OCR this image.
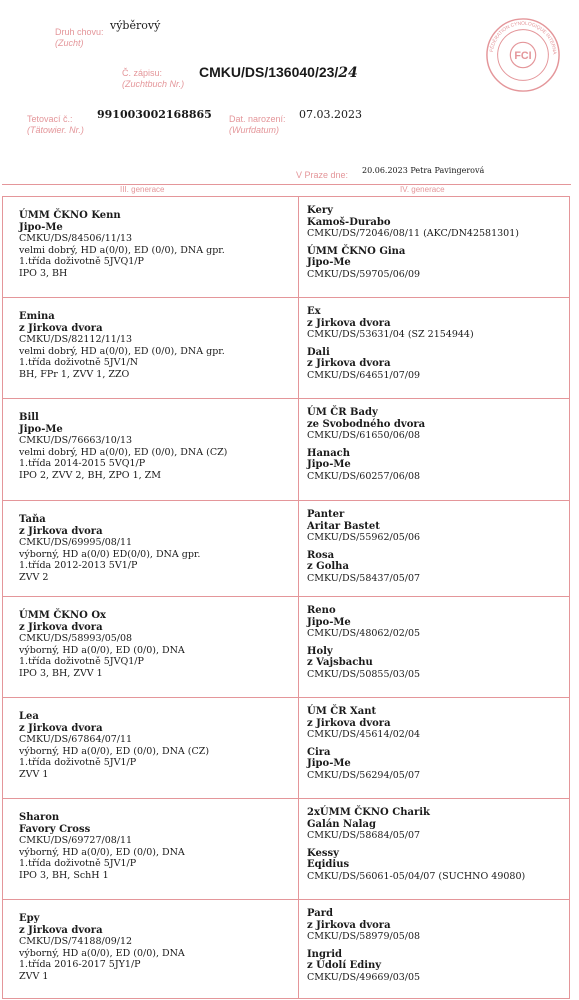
Druh chovu:
(Zucht)
výběrový
Č. zápisu:
(Zuchtbuch Nr.)
CMKU/DS/136040/23/24
Tetovací č.:
(Tätowier. Nr.)
991003002168865 Dat. narození:
(Wurfdatum)
07.03.2023
V Praze dne: 20.06.2023 Petra Pavingerová
FCI
FÉDÉRATION CYNOLOGIQUE INTERNA
III. generace	IV. generace
ÚMM ČKNO Kenn
Jipo-Me
CMKU/DS/84506/11/13
velmi dobrý, HD a(0/0), ED (0/0), DNA gpr.
1.třída doživotně 5JVQ1/P
IPO 3, BH
Emina
z Jirkova dvora
CMKU/DS/82112/11/13
velmi dobrý, HD a(0/0), ED (0/0), DNA gpr.
1.třída doživotně 5JV1/N
BH, FPr 1, ZVV 1, ZZO
Bill
Jipo-Me
CMKU/DS/76663/10/13
velmi dobrý, HD a(0/0), ED (0/0), DNA (CZ)
1.třída 2014-2015 5VQ1/P
IPO 2, ZVV 2, BH, ZPO 1, ZM
Taňa
z Jirkova dvora
CMKU/DS/69995/08/11
výborný, HD a(0/0) ED(0/0), DNA gpr.
1.třída 2012-2013 5V1/P
ZVV 2
ÚMM ČKNO Ox
z Jirkova dvora
CMKU/DS/58993/05/08
výborný, HD a(0/0), ED (0/0), DNA
1.třída doživotně 5JVQ1/P
IPO 3, BH, ZVV 1
Lea
z Jirkova dvora
CMKU/DS/67864/07/11
výborný, HD a(0/0), ED (0/0), DNA (CZ)
1.třída doživotně 5JV1/P
ZVV 1
Sharon
Favory Cross
CMKU/DS/69727/08/11
výborný, HD a(0/0), ED (0/0), DNA
1.třída doživotně 5JV1/P
IPO 3, BH, SchH 1
Epy
z Jirkova dvora
CMKU/DS/74188/09/12
výborný, HD a(0/0), ED (0/0), DNA
1.třída 2016-2017 5JY1/P
ZVV 1
Kery
Kamoš-Durabo
CMKU/DS/72046/08/11 (AKC/DN42581301)
ÚMM ČKNO Gina
Jipo-Me
CMKU/DS/59705/06/09
Ex
z Jirkova dvora
CMKU/DS/53631/04 (SZ 2154944)
Dali
z Jirkova dvora
CMKU/DS/64651/07/09
ÚM ČR Bady
ze Svobodného dvora
CMKU/DS/61650/06/08
Hanach
Jipo-Me
CMKU/DS/60257/06/08
Panter
Aritar Bastet
CMKU/DS/55962/05/06
Rosa
z Golha
CMKU/DS/58437/05/07
Reno
Jipo-Me
CMKU/DS/48062/02/05
Holy
z Vajsbachu
CMKU/DS/50855/03/05
ÚM ČR Xant
z Jirkova dvora
CMKU/DS/45614/02/04
Cira
Jipo-Me
CMKU/DS/56294/05/07
2xÚMM ČKNO Charik
Galán Nalag
CMKU/DS/58684/05/07
Kessy
Eqidius
CMKU/DS/56061-05/04/07 (SUCHNO 49080)
Pard
z Jirkova dvora
CMKU/DS/58979/05/08
Ingrid
z Údolí Ediny
CMKU/DS/49669/03/05
